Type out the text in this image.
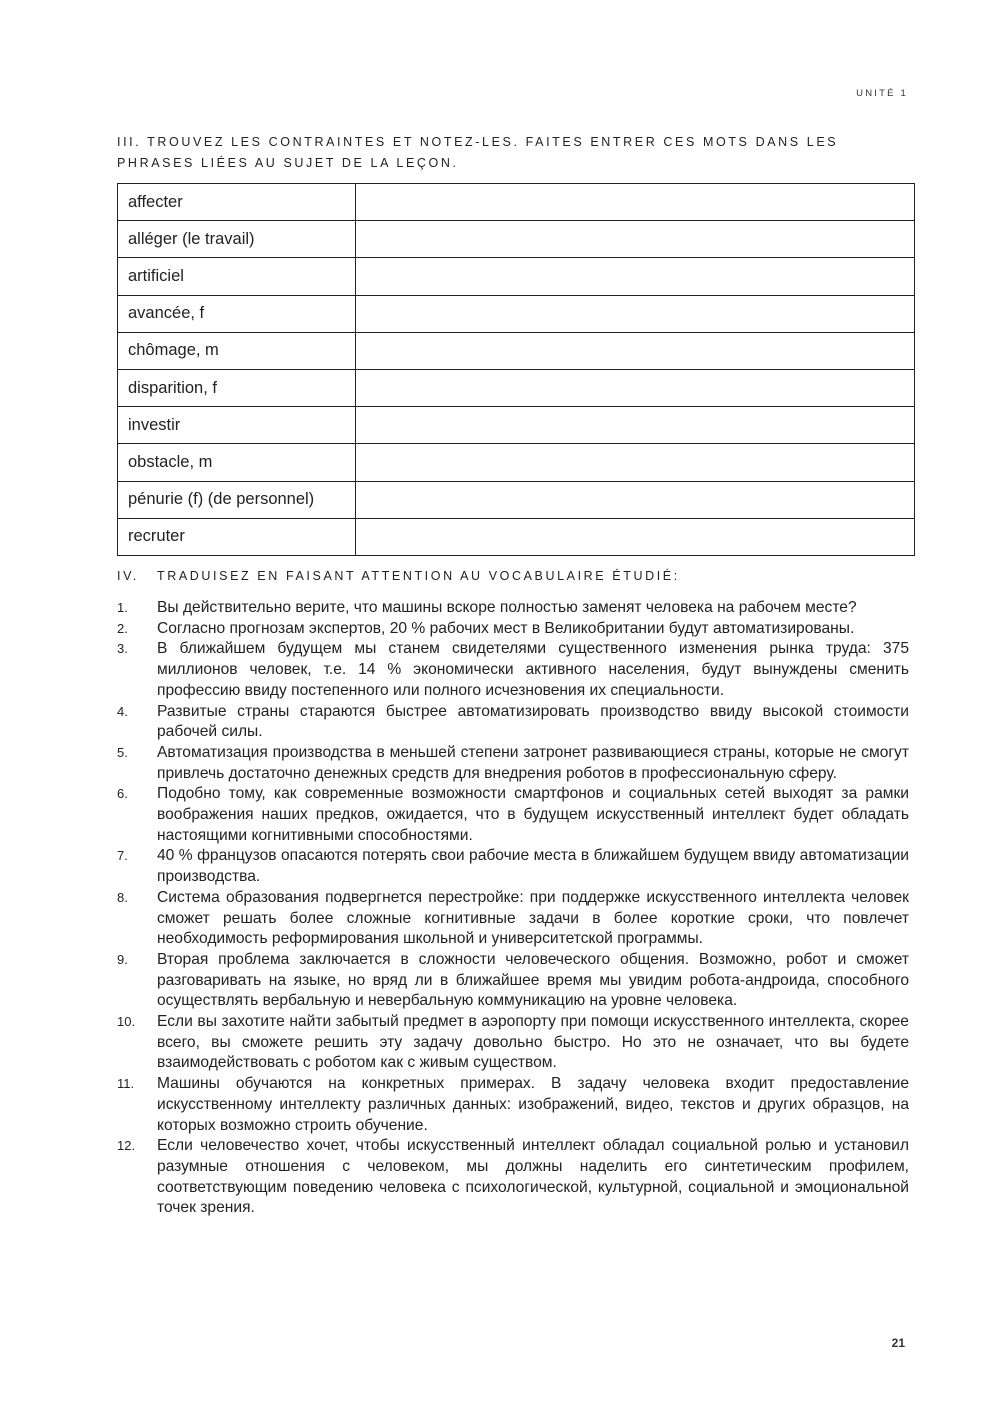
UNITÉ 1
III. TROUVEZ LES CONTRAINTES ET NOTEZ-LES. FAITES ENTRER CES MOTS DANS LES PHRASES LIÉES AU SUJET DE LA LEÇON.
affecter	
alléger (le travail)	
artificiel	
avancée, f	
chômage, m	
disparition, f	
investir	
obstacle, m	
pénurie (f) (de personnel)	
recruter	
IV. TRADUISEZ EN FAISANT ATTENTION AU VOCABULAIRE ÉTUDIÉ:
1.	Вы действительно верите, что машины вскоре полностью заменят человека на рабочем месте?
2.	Согласно прогнозам экспертов, 20 % рабочих мест в Великобритании будут автоматизированы.
3.	В ближайшем будущем мы станем свидетелями существенного изменения рынка труда: 375 миллионов человек, т.е. 14 % экономически активного населения, будут вынуждены сменить профессию ввиду постепенного или полного исчезновения их специальности.
4.	Развитые страны стараются быстрее автоматизировать производство ввиду высокой стоимости рабочей силы.
5.	Автоматизация производства в меньшей степени затронет развивающиеся страны, которые не смогут привлечь достаточно денежных средств для внедрения роботов в профессиональную сферу.
6.	Подобно тому, как современные возможности смартфонов и социальных сетей выходят за рамки воображения наших предков, ожидается, что в будущем искусственный интеллект будет обладать настоящими когнитивными способностями.
7.	40 % французов опасаются потерять свои рабочие места в ближайшем будущем ввиду автоматизации производства.
8.	Система образования подвергнется перестройке: при поддержке искусственного интеллекта человек сможет решать более сложные когнитивные задачи в более короткие сроки, что повлечет необходимость реформирования школьной и университетской программы.
9.	Вторая проблема заключается в сложности человеческого общения. Возможно, робот и сможет разговаривать на языке, но вряд ли в ближайшее время мы увидим робота-андроида, способного осуществлять вербальную и невербальную коммуникацию на уровне человека.
10.	Если вы захотите найти забытый предмет в аэропорту при помощи искусственного интеллекта, скорее всего, вы сможете решить эту задачу довольно быстро. Но это не означает, что вы будете взаимодействовать с роботом как с живым существом.
11.	Машины обучаются на конкретных примерах. В задачу человека входит предоставление искусственному интеллекту различных данных: изображений, видео, текстов и других образцов, на которых возможно строить обучение.
12.	Если человечество хочет, чтобы искусственный интеллект обладал социальной ролью и установил разумные отношения с человеком, мы должны наделить его синтетическим профилем, соответствующим поведению человека с психологической, культурной, социальной и эмоциональной точек зрения.
21
